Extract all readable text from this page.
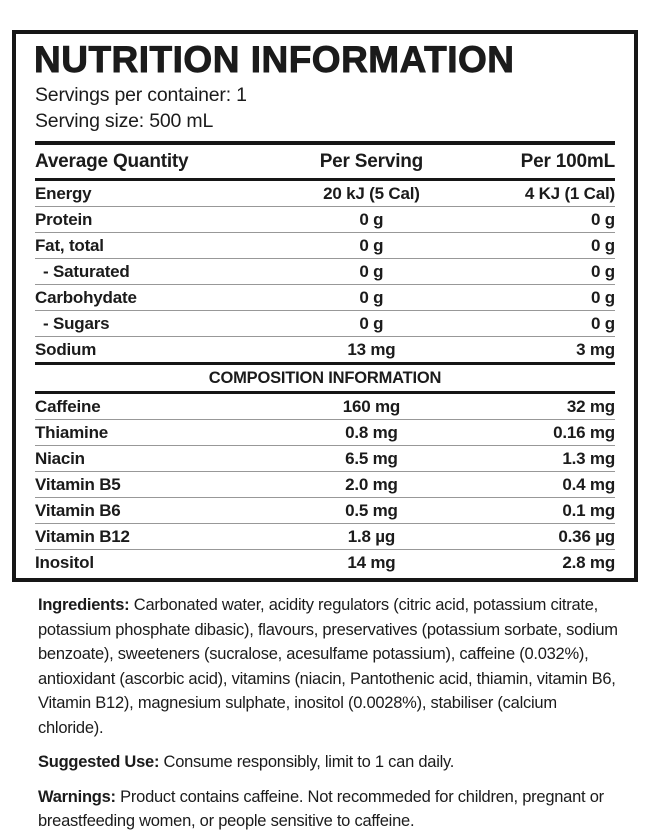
NUTRITION INFORMATION
Servings per container: 1
Serving size: 500 mL
Average Quantity	Per Serving	Per 100mL
Energy	20 kJ (5 Cal)	4 KJ (1 Cal)
Protein	0 g	0 g
Fat, total	0 g	0 g
- Saturated	0 g	0 g
Carbohydate	0 g	0 g
- Sugars	0 g	0 g
Sodium	13 mg	3 mg
COMPOSITION INFORMATION
Caffeine	160 mg	32 mg
Thiamine	0.8 mg	0.16 mg
Niacin	6.5 mg	1.3 mg
Vitamin B5	2.0 mg	0.4 mg
Vitamin B6	0.5 mg	0.1 mg
Vitamin B12	1.8 µg	0.36 µg
Inositol	14 mg	2.8 mg

Ingredients: Carbonated water, acidity regulators (citric acid, potassium citrate, potassium phosphate dibasic), flavours, preservatives (potassium sorbate, sodium benzoate), sweeteners (sucralose, acesulfame potassium), caffeine (0.032%), antioxidant (ascorbic acid), vitamins (niacin, Pantothenic acid, thiamin, vitamin B6, Vitamin B12), magnesium sulphate, inositol (0.0028%), stabiliser (calcium chloride).

Suggested Use: Consume responsibly, limit to 1 can daily.

Warnings: Product contains caffeine. Not recommeded for children, pregnant or breastfeeding women, or people sensitive to caffeine.
